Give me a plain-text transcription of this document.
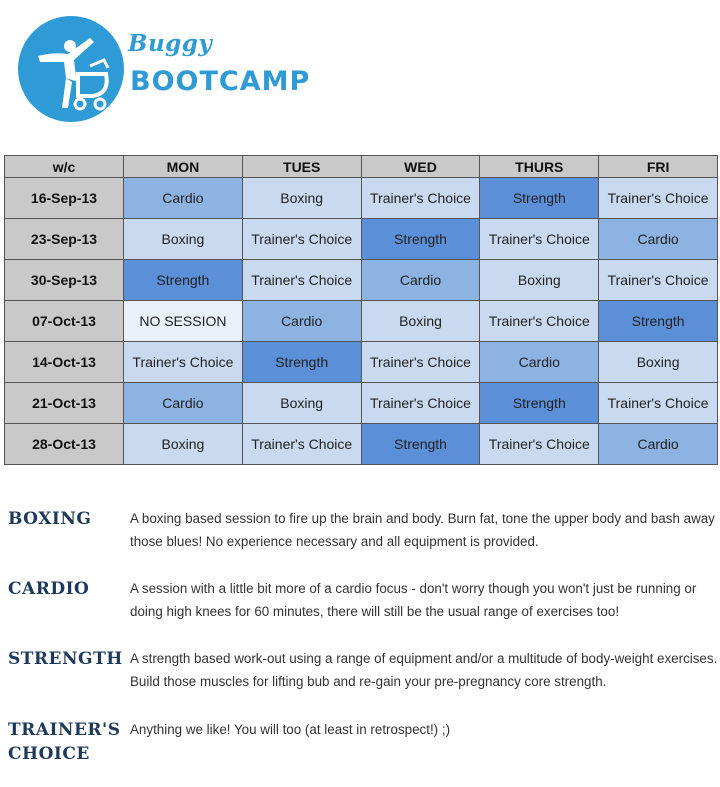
Buggy
BOOTCAMP
w/c	MON	TUES	WED	THURS	FRI
16-Sep-13	Cardio	Boxing	Trainer's Choice	Strength	Trainer's Choice
23-Sep-13	Boxing	Trainer's Choice	Strength	Trainer's Choice	Cardio
30-Sep-13	Strength	Trainer's Choice	Cardio	Boxing	Trainer's Choice
07-Oct-13	NO SESSION	Cardio	Boxing	Trainer's Choice	Strength
14-Oct-13	Trainer's Choice	Strength	Trainer's Choice	Cardio	Boxing
21-Oct-13	Cardio	Boxing	Trainer's Choice	Strength	Trainer's Choice
28-Oct-13	Boxing	Trainer's Choice	Strength	Trainer's Choice	Cardio
BOXING	A boxing based session to fire up the brain and body. Burn fat, tone the upper body and bash away those blues! No experience necessary and all equipment is provided.
CARDIO	A session with a little bit more of a cardio focus - don't worry though you won't just be running or doing high knees for 60 minutes, there will still be the usual range of exercises too!
STRENGTH A strength based work-out using a range of equipment and/or a multitude of body-weight exercises. Build those muscles for lifting bub and re-gain your pre-pregnancy core strength.
TRAINER'S CHOICE
Anything we like! You will too (at least in retrospect!) ;)
